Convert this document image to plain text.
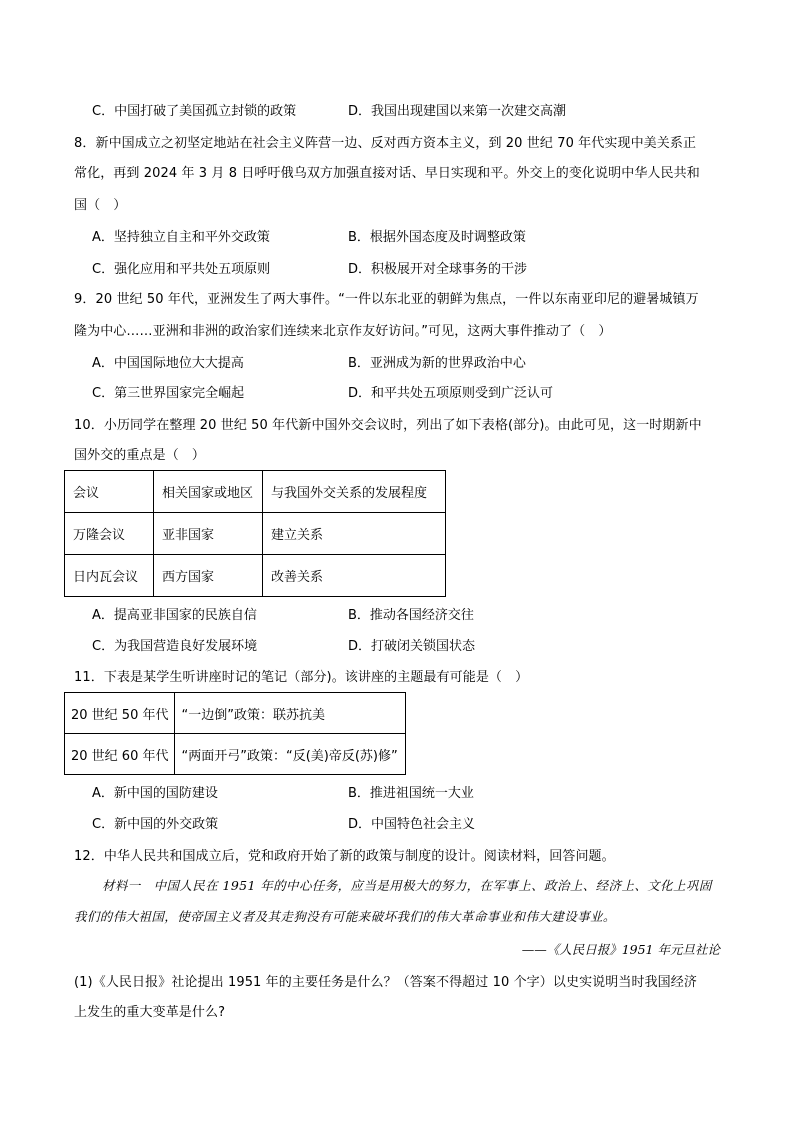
C．中国打破了美国孤立封锁的政策	D．我国出现建国以来第一次建交高潮
8．新中国成立之初坚定地站在社会主义阵营一边、反对西方资本主义，到 20 世纪 70 年代实现中美关系正
常化，再到 2024 年 3 月 8 日呼吁俄乌双方加强直接对话、早日实现和平。外交上的变化说明中华人民共和
国（　）
A．坚持独立自主和平外交政策	B．根据外国态度及时调整政策
C．强化应用和平共处五项原则	D．积极展开对全球事务的干涉
9．20 世纪 50 年代，亚洲发生了两大事件。“一件以东北亚的朝鲜为焦点，一件以东南亚印尼的避暑城镇万
隆为中心……亚洲和非洲的政治家们连续来北京作友好访问。”可见，这两大事件推动了（　）
A．中国国际地位大大提高	B．亚洲成为新的世界政治中心
C．第三世界国家完全崛起	D．和平共处五项原则受到广泛认可
10．小历同学在整理 20 世纪 50 年代新中国外交会议时，列出了如下表格(部分)。由此可见，这一时期新中
国外交的重点是（　）
会议	相关国家或地区	与我国外交关系的发展程度
万隆会议	亚非国家	建立关系
日内瓦会议	西方国家	改善关系
A．提高亚非国家的民族自信	B．推动各国经济交往
C．为我国营造良好发展环境	D．打破闭关锁国状态
11．下表是某学生听讲座时记的笔记（部分)。该讲座的主题最有可能是（　）
20 世纪 50 年代	“一边倒”政策：联苏抗美
20 世纪 60 年代	“两面开弓”政策：“反(美)帝反(苏)修”
A．新中国的国防建设	B．推进祖国统一大业
C．新中国的外交政策	D．中国特色社会主义
12．中华人民共和国成立后，党和政府开始了新的政策与制度的设计。阅读材料，回答问题。
材料一　中国人民在 1951 年的中心任务，应当是用极大的努力，在军事上、政治上、经济上、文化上巩固我们的伟大祖国，使帝国主义者及其走狗没有可能来破坏我们的伟大革命事业和伟大建设事业。
——《人民日报》1951 年元旦社论
(1)《人民日报》社论提出 1951 年的主要任务是什么？（答案不得超过 10 个字）以史实说明当时我国经济
上发生的重大变革是什么?
